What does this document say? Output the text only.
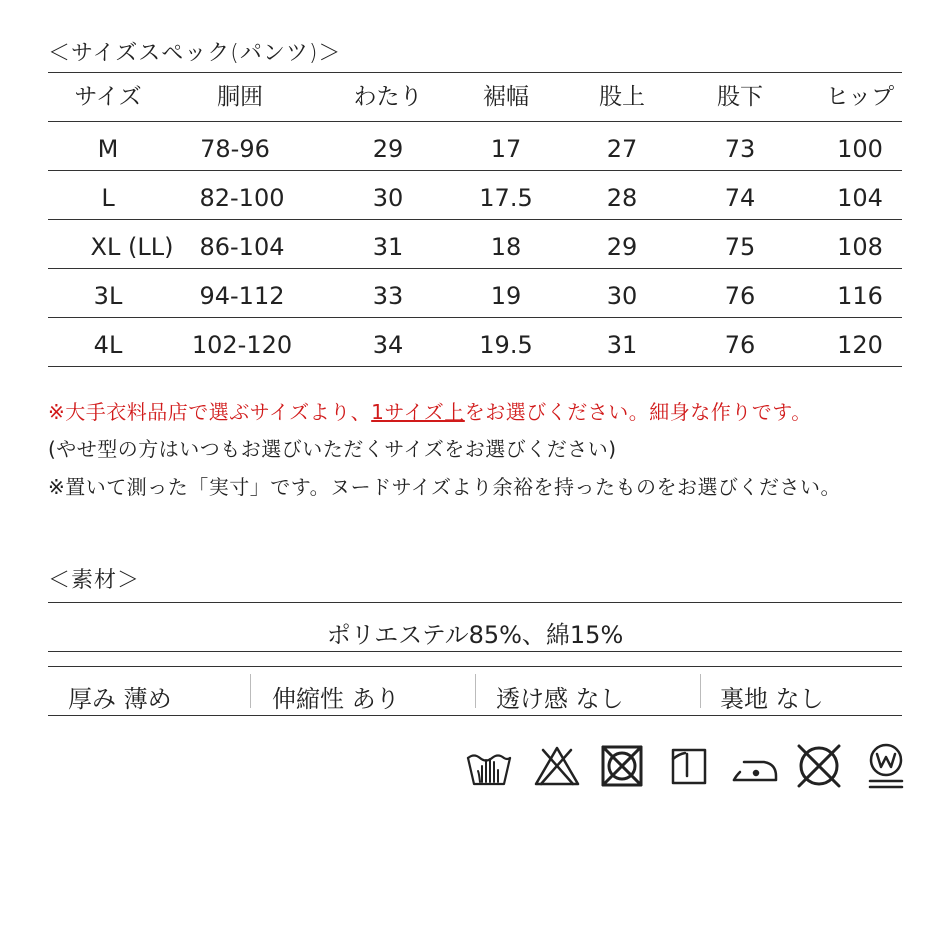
＜サイズスペック(パンツ)＞
サイズ	胴囲	わたり	裾幅	股上	股下	ヒップ
M	78-96	29	17	27	73	100
L	82-100	30	17.5	28	74	104
XL (LL)	86-104	31	18	29	75	108
3L	94-112	33	19	30	76	116
4L	102-120	34	19.5	31	76	120
※大手衣料品店で選ぶサイズより、1サイズ上をお選びください。細身な作りです。
(やせ型の方はいつもお選びいただくサイズをお選びください)
※置いて測った「実寸」です。ヌードサイズより余裕を持ったものをお選びください。
＜素材＞
ポリエステル85%、綿15%
厚み 薄め	伸縮性 あり	透け感 なし	裏地 なし
